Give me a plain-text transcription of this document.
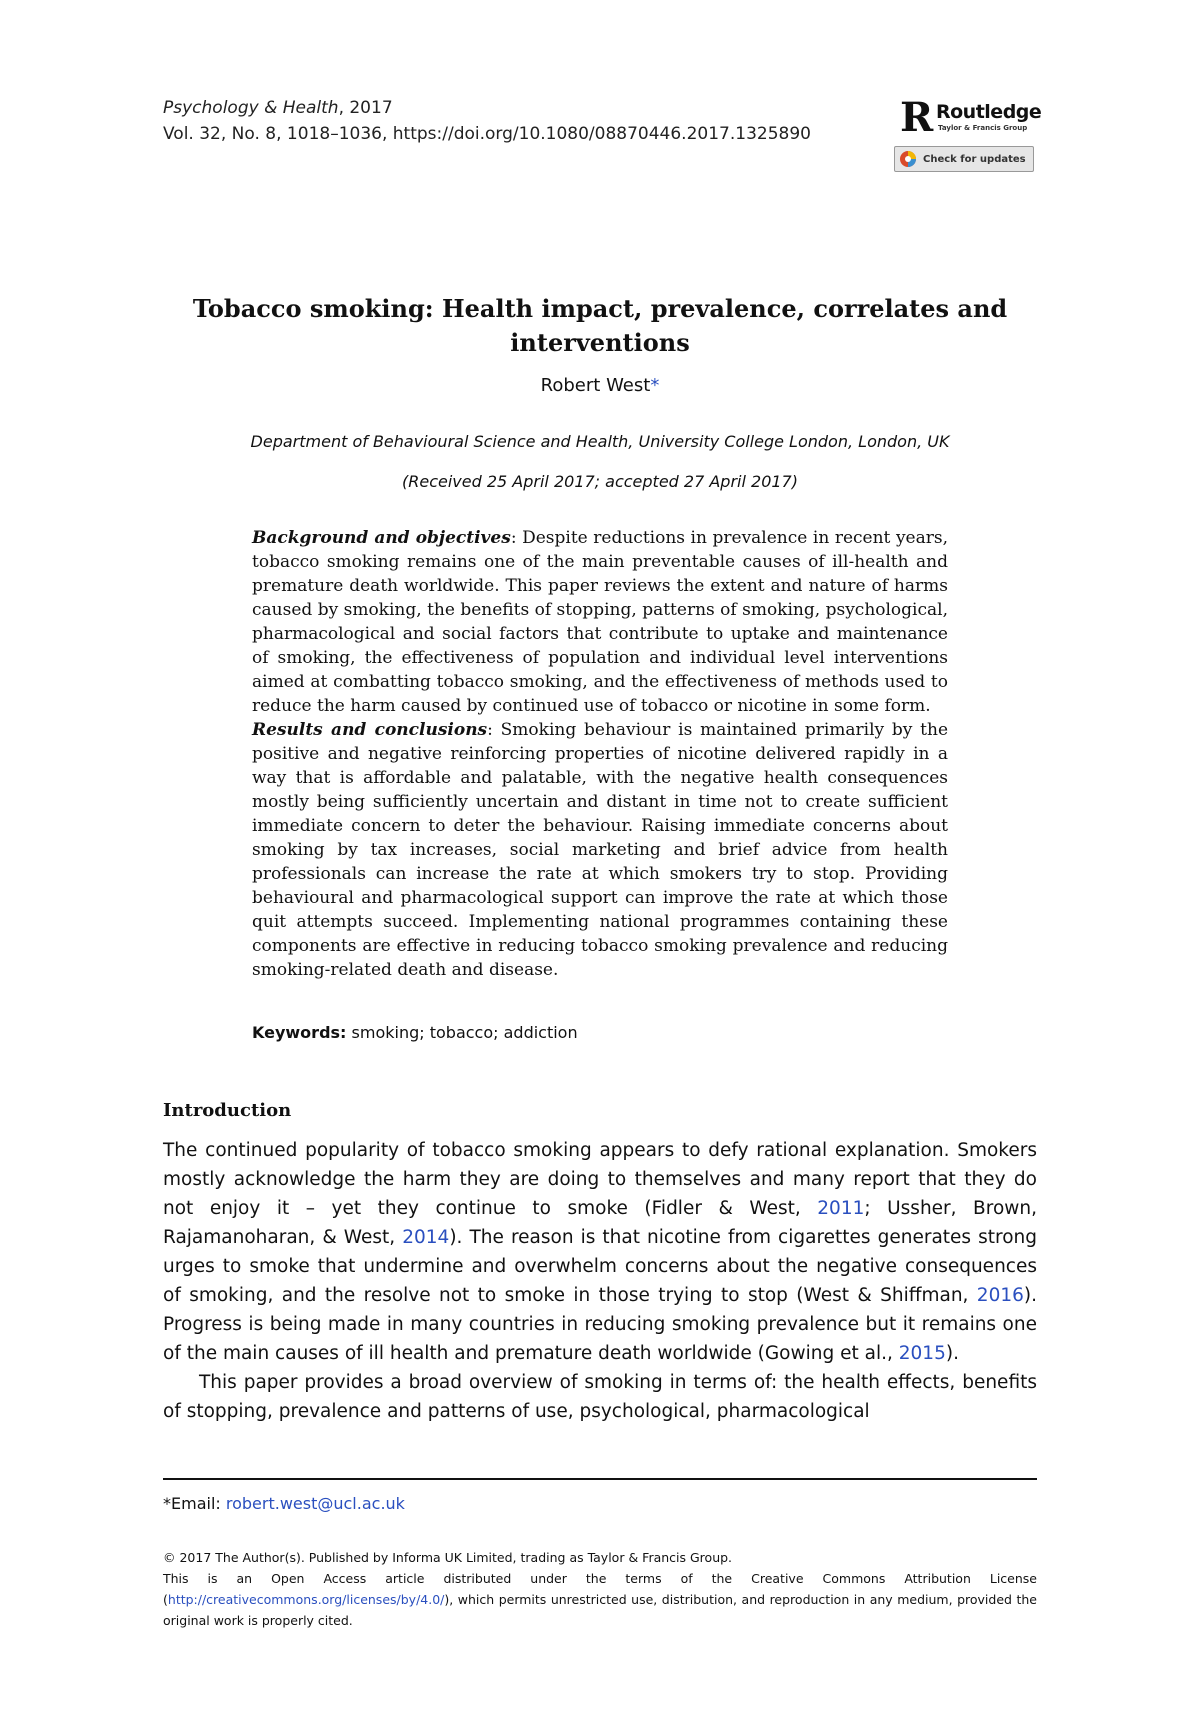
Psychology & Health, 2017
Vol. 32, No. 8, 1018–1036, https://doi.org/10.1080/08870446.2017.1325890 R Routledge
Taylor & Francis Group
Check for updates
Tobacco smoking: Health impact, prevalence, correlates and interventions
Robert West*
Department of Behavioural Science and Health, University College London, London, UK
(Received 25 April 2017; accepted 27 April 2017)

Background and objectives: Despite reductions in prevalence in recent years, tobacco smoking remains one of the main preventable causes of ill-health and premature death worldwide. This paper reviews the extent and nature of harms caused by smoking, the benefits of stopping, patterns of smoking, psychological, pharmacological and social factors that contribute to uptake and maintenance of smoking, the effectiveness of population and individual level interventions aimed at combatting tobacco smoking, and the effectiveness of methods used to reduce the harm caused by continued use of tobacco or nicotine in some form.

Results and conclusions: Smoking behaviour is maintained primarily by the positive and negative reinforcing properties of nicotine delivered rapidly in a way that is affordable and palatable, with the negative health consequences mostly being sufficiently uncertain and distant in time not to create sufficient immediate concern to deter the behaviour. Raising immediate concerns about smoking by tax increases, social marketing and brief advice from health professionals can increase the rate at which smokers try to stop. Providing behavioural and pharmacological support can improve the rate at which those quit attempts succeed. Implementing national programmes containing these components are effective in reducing tobacco smoking prevalence and reducing smoking-related death and disease.

Keywords: smoking; tobacco; addiction
Introduction

The continued popularity of tobacco smoking appears to defy rational explanation. Smokers mostly acknowledge the harm they are doing to themselves and many report that they do not enjoy it – yet they continue to smoke (Fidler & West, 2011; Ussher, Brown, Rajamanoharan, & West, 2014). The reason is that nicotine from cigarettes generates strong urges to smoke that undermine and overwhelm concerns about the negative consequences of smoking, and the resolve not to smoke in those trying to stop (West & Shiffman, 2016). Progress is being made in many countries in reducing smoking prevalence but it remains one of the main causes of ill health and premature death worldwide (Gowing et al., 2015).

This paper provides a broad overview of smoking in terms of: the health effects, benefits of stopping, prevalence and patterns of use, psychological, pharmacological

*Email: robert.west@ucl.ac.uk

© 2017 The Author(s). Published by Informa UK Limited, trading as Taylor & Francis Group.

This is an Open Access article distributed under the terms of the Creative Commons Attribution License (http://creativecommons.org/licenses/by/4.0/), which permits unrestricted use, distribution, and reproduction in any medium, provided the original work is properly cited.
